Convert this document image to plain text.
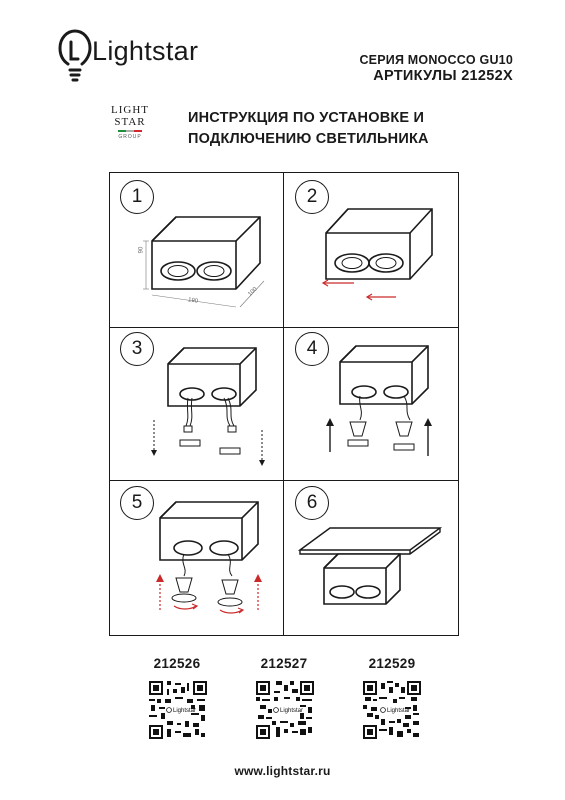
Lightstar	СЕРИЯ MONOCCO GU10
АРТИКУЛЫ 21252X
LIGHT
STAR
GROUP
ИНСТРУКЦИЯ ПО УСТАНОВКЕ И
ПОДКЛЮЧЕНИЮ СВЕТИЛЬНИКА
1	2
3	4
5	6
90
190
100
212526	212527	212529
Lightstar	Lightstar	Lightstar
www.lightstar.ru
